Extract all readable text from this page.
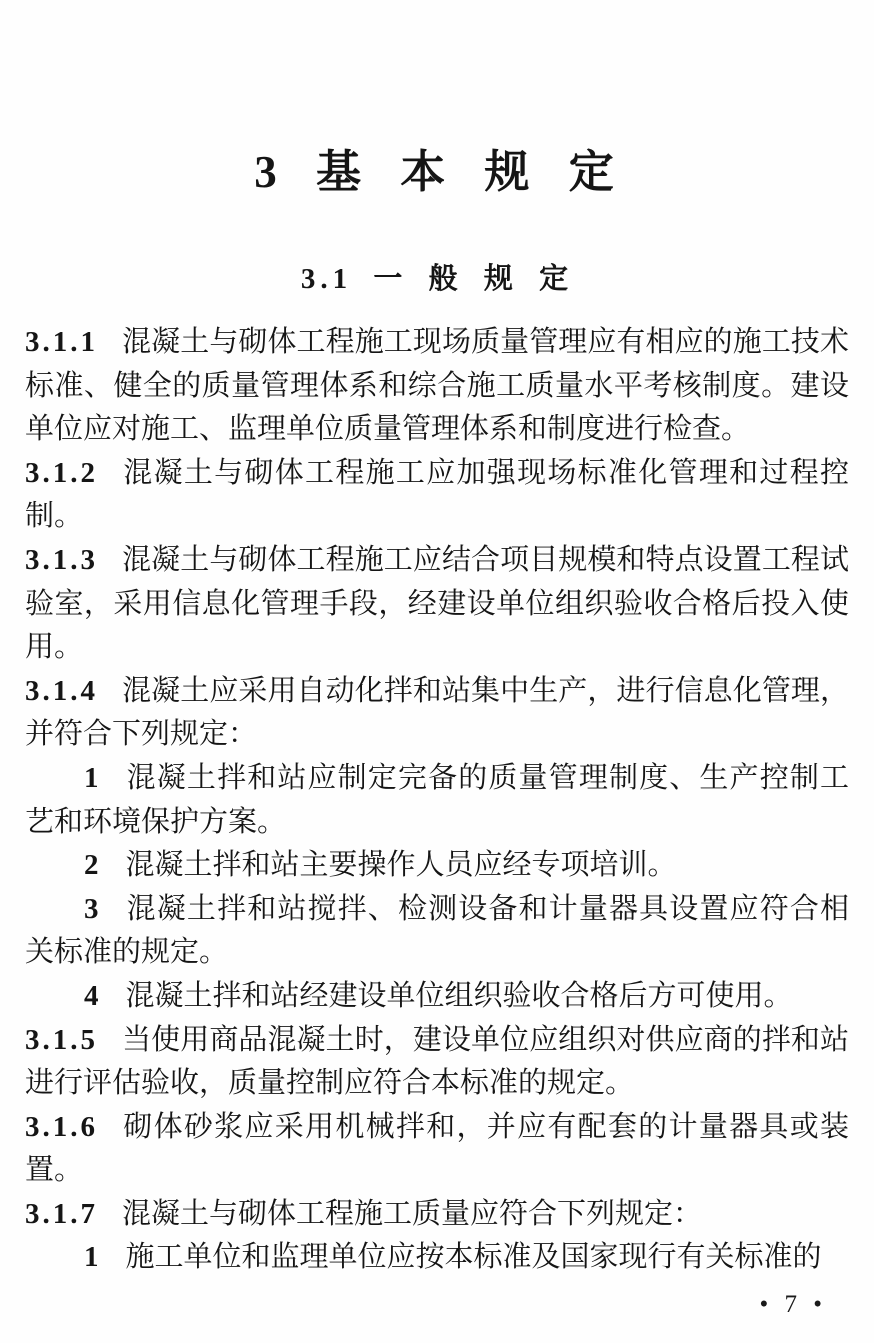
3 基 本 规 定
3.1 一 般 规 定

3.1.1 混凝土与砌体工程施工现场质量管理应有相应的施工技术标准、健全的质量管理体系和综合施工质量水平考核制度。建设单位应对施工、监理单位质量管理体系和制度进行检查。

3.1.2 混凝土与砌体工程施工应加强现场标准化管理和过程控制。

3.1.3 混凝土与砌体工程施工应结合项目规模和特点设置工程试验室，采用信息化管理手段，经建设单位组织验收合格后投入使用。

3.1.4 混凝土应采用自动化拌和站集中生产，进行信息化管理，并符合下列规定：

1 混凝土拌和站应制定完备的质量管理制度、生产控制工艺和环境保护方案。

2 混凝土拌和站主要操作人员应经专项培训。

3 混凝土拌和站搅拌、检测设备和计量器具设置应符合相关标准的规定。

4 混凝土拌和站经建设单位组织验收合格后方可使用。

3.1.5 当使用商品混凝土时，建设单位应组织对供应商的拌和站进行评估验收，质量控制应符合本标准的规定。

3.1.6 砌体砂浆应采用机械拌和，并应有配套的计量器具或装置。

3.1.7 混凝土与砌体工程施工质量应符合下列规定：

1 施工单位和监理单位应按本标准及国家现行有关标准的

• 7 •
